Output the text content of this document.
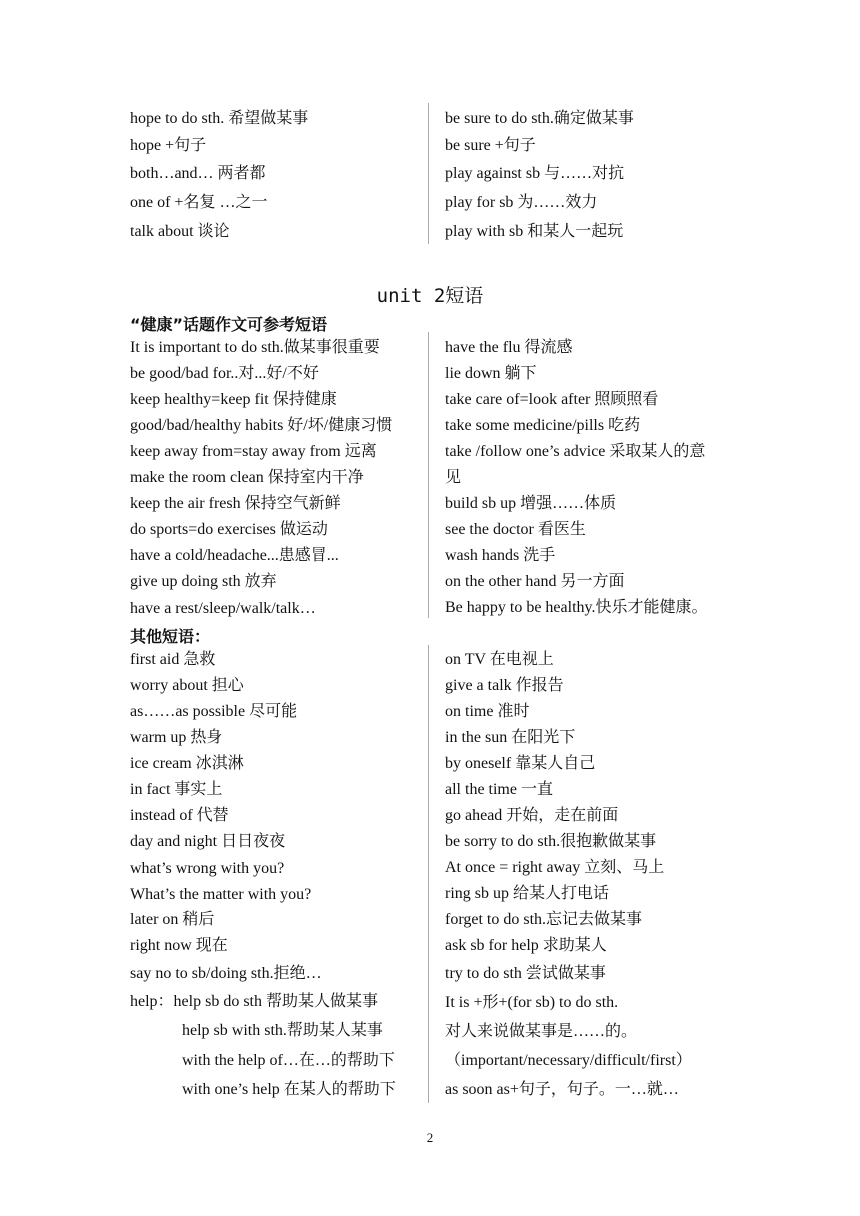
hope to do sth. 希望做某事
hope +句子
both…and… 两者都
one of +名复 …之一
talk about 谈论
be sure to do sth.确定做某事
be sure +句子
play against sb 与……对抗
play for sb 为……效力
play with sb 和某人一起玩
unit 2短语
“健康”话题作文可参考短语
It is important to do sth.做某事很重要
be good/bad for..对...好/不好
keep healthy=keep fit 保持健康
good/bad/healthy habits 好/坏/健康习惯
keep away from=stay away from 远离
make the room clean 保持室内干净
keep the air fresh 保持空气新鲜
do sports=do exercises 做运动
have a cold/headache...患感冒...
give up doing sth 放弃
have a rest/sleep/walk/talk…
have the flu 得流感
lie down 躺下
take care of=look after 照顾照看
take some medicine/pills 吃药
take /follow one’s advice 采取某人的意
见
build sb up 增强……体质
see the doctor 看医生
wash hands 洗手
on the other hand 另一方面
Be happy to be healthy.快乐才能健康。
其他短语：
first aid 急救
worry about 担心
as……as possible 尽可能
warm up 热身
ice cream 冰淇淋
in fact 事实上
instead of 代替
day and night 日日夜夜
what’s wrong with you?
What’s the matter with you?
later on 稍后
right now 现在
say no to sb/doing sth.拒绝…
help：help sb do sth 帮助某人做某事
help sb with sth.帮助某人某事
with the help of…在…的帮助下
with one’s help 在某人的帮助下
on TV 在电视上
give a talk 作报告
on time 准时
in the sun 在阳光下
by oneself 靠某人自己
all the time 一直
go ahead 开始，走在前面
be sorry to do sth.很抱歉做某事
At once = right away 立刻、马上
ring sb up 给某人打电话
forget to do sth.忘记去做某事
ask sb for help 求助某人
try to do sth 尝试做某事
It is +形+(for sb) to do sth.
对人来说做某事是……的。
（important/necessary/difficult/first）
as soon as+句子，句子。一…就…
2
